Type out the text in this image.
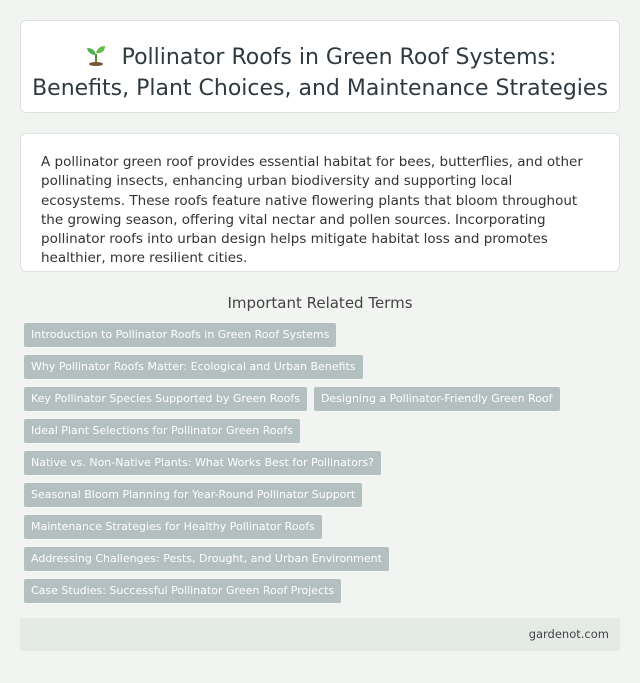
Pollinator Roofs in Green Roof Systems:
Benefits, Plant Choices, and Maintenance Strategies

A pollinator green roof provides essential habitat for bees, butterflies, and other pollinating insects, enhancing urban biodiversity and supporting local ecosystems. These roofs feature native flowering plants that bloom throughout the growing season, offering vital nectar and pollen sources. Incorporating pollinator roofs into urban design helps mitigate habitat loss and promotes healthier, more resilient cities.

Important Related Terms
Introduction to Pollinator Roofs in Green Roof Systems
Why Pollinator Roofs Matter: Ecological and Urban Benefits
Key Pollinator Species Supported by Green Roofs	Designing a Pollinator-Friendly Green Roof
Ideal Plant Selections for Pollinator Green Roofs
Native vs. Non-Native Plants: What Works Best for Pollinators?
Seasonal Bloom Planning for Year-Round Pollinator Support
Maintenance Strategies for Healthy Pollinator Roofs
Addressing Challenges: Pests, Drought, and Urban Environment
Case Studies: Successful Pollinator Green Roof Projects
gardenot.com
